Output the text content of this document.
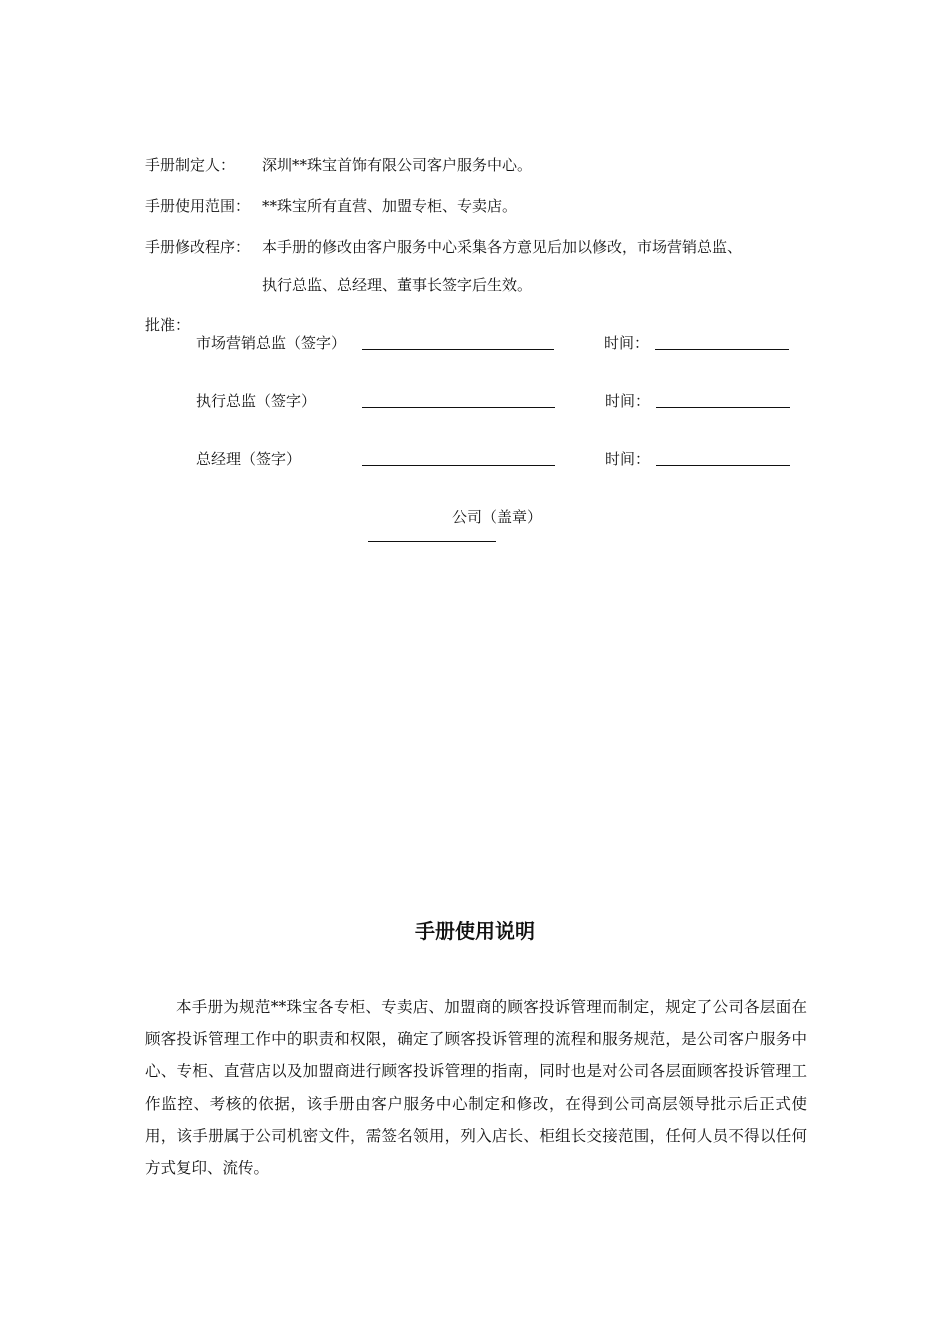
手册制定人： 深圳**珠宝首饰有限公司客户服务中心。
手册使用范围： **珠宝所有直营、加盟专柜、专卖店。
手册修改程序： 本手册的修改由客户服务中心采集各方意见后加以修改，市场营销总监、
执行总监、总经理、董事长签字后生效。
批准：
市场营销总监（签字）	时间：
执行总监（签字）	时间：
总经理（签字）	时间：
公司（盖章）
手册使用说明
本手册为规范**珠宝各专柜、专卖店、加盟商的顾客投诉管理而制定，规定了公司各层面在顾客投诉管理工作中的职责和权限，确定了顾客投诉管理的流程和服务规范，是公司客户服务中心、专柜、直营店以及加盟商进行顾客投诉管理的指南，同时也是对公司各层面顾客投诉管理工作监控、考核的依据，该手册由客户服务中心制定和修改，在得到公司高层领导批示后正式使用，该手册属于公司机密文件，需签名领用，列入店长、柜组长交接范围，任何人员不得以任何方式复印、流传。
